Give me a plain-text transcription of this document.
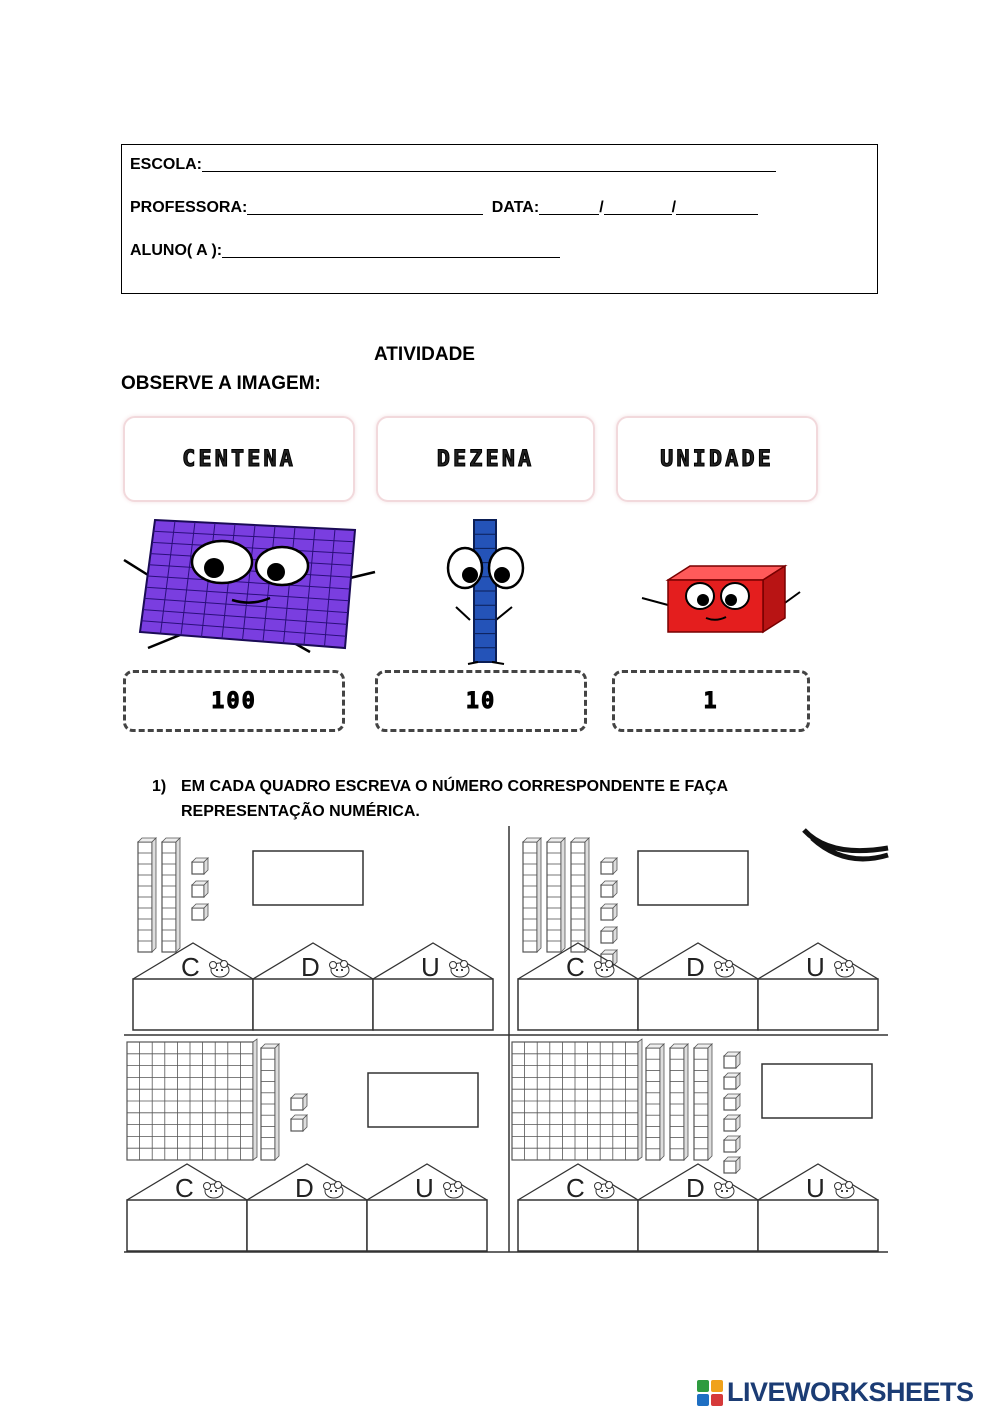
ESCOLA:
PROFESSORA:	DATA:	/	/
ALUNO( A ):
ATIVIDADE
OBSERVE A IMAGEM:
CENTENA	DEZENA	UNIDADE
100	10	1
1) EM CADA QUADRO ESCREVA O NÚMERO CORRESPONDENTE E FAÇA
REPRESENTAÇÃO NUMÉRICA.
C	D	U	C	D	U
C	D	U	C	D	U
LIVEWORKSHEETS
